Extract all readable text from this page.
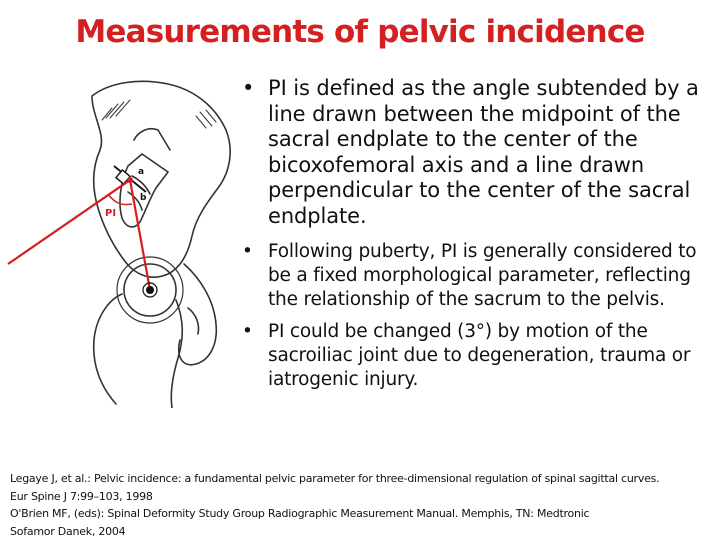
Measurements of pelvic incidence
PI
a
b
• PI is defined as the angle subtended by a line drawn between the midpoint of the sacral endplate to the center of the bicoxofemoral axis and a line drawn perpendicular to the center of the sacral endplate.
• Following puberty, PI is generally considered to be a fixed morphological parameter, reflecting the relationship of the sacrum to the pelvis.
• PI could be changed (3°) by motion of the sacroiliac joint due to degeneration, trauma or iatrogenic injury.
Legaye J, et al.: Pelvic incidence: a fundamental pelvic parameter for three-dimensional regulation of spinal sagittal curves.
Eur Spine J 7:99–103, 1998
O'Brien MF, (eds): Spinal Deformity Study Group Radiographic Measurement Manual. Memphis, TN: Medtronic
Sofamor Danek, 2004
